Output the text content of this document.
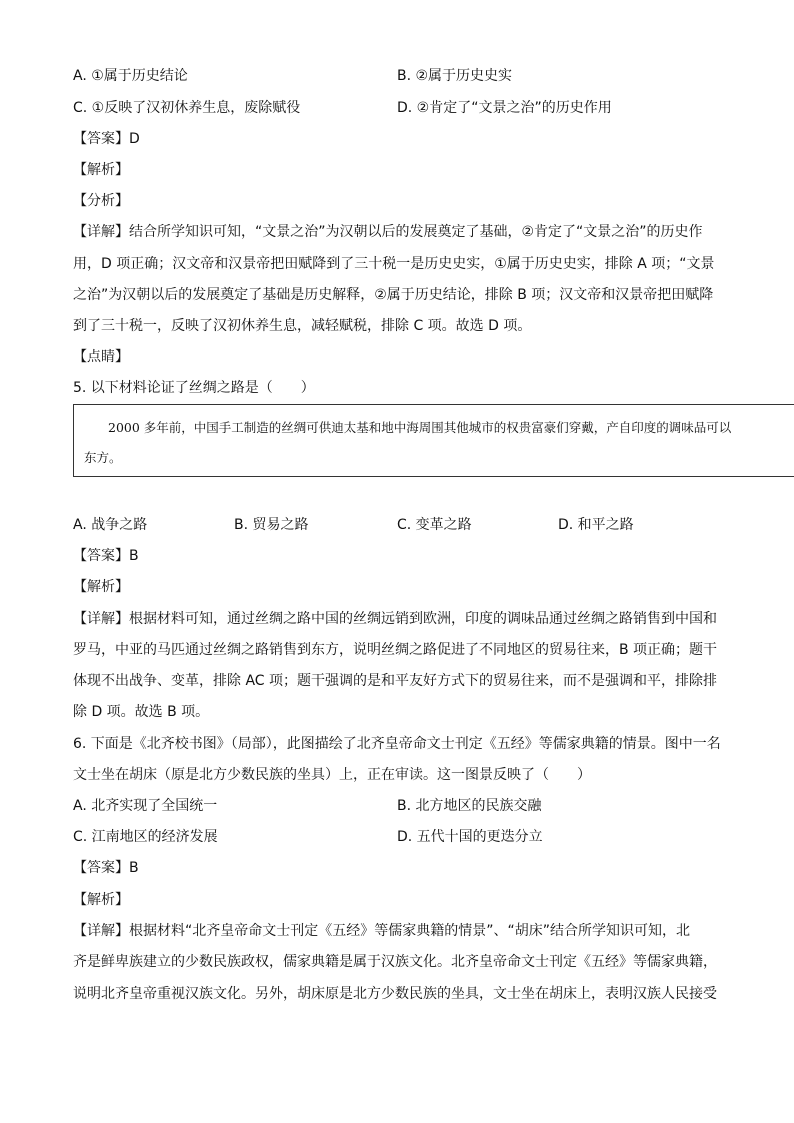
A. ①属于历史结论	B. ②属于历史史实
C. ①反映了汉初休养生息，废除赋役	D. ②肯定了“文景之治”的历史作用
【答案】D
【解析】
【分析】
【详解】结合所学知识可知，“文景之治”为汉朝以后的发展奠定了基础，②肯定了“文景之治”的历史作
用，D 项正确；汉文帝和汉景帝把田赋降到了三十税一是历史史实，①属于历史史实，排除 A 项；“文景
之治”为汉朝以后的发展奠定了基础是历史解释，②属于历史结论，排除 B 项；汉文帝和汉景帝把田赋降
到了三十税一，反映了汉初休养生息，减轻赋税，排除 C 项。故选 D 项。
【点睛】
5. 以下材料论证了丝绸之路是（　　）
2000 多年前，中国手工制造的丝绸可供迪太基和地中海周围其他城市的权贵富豪们穿戴，产自印度的调味品可以
东方。
A. 战争之路	B. 贸易之路	C. 变革之路	D. 和平之路
【答案】B
【解析】
【详解】根据材料可知，通过丝绸之路中国的丝绸远销到欧洲，印度的调味品通过丝绸之路销售到中国和
罗马，中亚的马匹通过丝绸之路销售到东方，说明丝绸之路促进了不同地区的贸易往来，B 项正确；题干
体现不出战争、变革，排除 AC 项；题干强调的是和平友好方式下的贸易往来，而不是强调和平，排除排
除 D 项。故选 B 项。
6. 下面是《北齐校书图》（局部），此图描绘了北齐皇帝命文士刊定《五经》等儒家典籍的情景。图中一名
文士坐在胡床（原是北方少数民族的坐具）上，正在审读。这一图景反映了（　　）
A. 北齐实现了全国统一	B. 北方地区的民族交融
C. 江南地区的经济发展	D. 五代十国的更迭分立
【答案】B
【解析】
【详解】根据材料“北齐皇帝命文士刊定《五经》等儒家典籍的情景”、“胡床”结合所学知识可知，北
齐是鲜卑族建立的少数民族政权，儒家典籍是属于汉族文化。北齐皇帝命文士刊定《五经》等儒家典籍，
说明北齐皇帝重视汉族文化。另外，胡床原是北方少数民族的坐具，文士坐在胡床上，表明汉族人民接受
